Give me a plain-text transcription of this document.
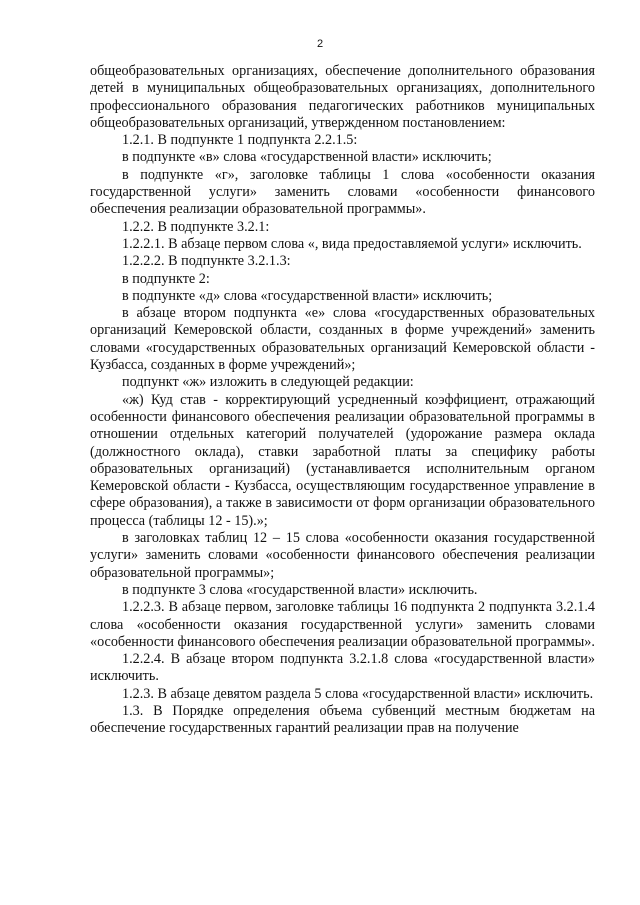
2

общеобразовательных организациях, обеспечение дополнительного образования детей в муниципальных общеобразовательных организациях, дополнительного профессионального образования педагогических работников муниципальных общеобразовательных организаций, утвержденном постановлением:

1.2.1. В подпункте 1 подпункта 2.2.1.5:

в подпункте «в» слова «государственной власти» исключить;

в подпункте «г», заголовке таблицы 1 слова «особенности оказания государственной услуги» заменить словами «особенности финансового обеспечения реализации образовательной программы».

1.2.2. В подпункте 3.2.1:

1.2.2.1. В абзаце первом слова «, вида предоставляемой услуги» исключить.

1.2.2.2. В подпункте 3.2.1.3:

в подпункте 2:

в подпункте «д» слова «государственной власти» исключить;

в абзаце втором подпункта «е» слова «государственных образовательных организаций Кемеровской области, созданных в форме учреждений» заменить словами «государственных образовательных организаций Кемеровской области - Кузбасса, созданных в форме учреждений»;

подпункт «ж» изложить в следующей редакции:

«ж) Куд став - корректирующий усредненный коэффициент, отражающий особенности финансового обеспечения реализации образовательной программы в отношении отдельных категорий получателей (удорожание размера оклада (должностного оклада), ставки заработной платы за специфику работы образовательных организаций) (устанавливается исполнительным органом Кемеровской области - Кузбасса, осуществляющим государственное управление в сфере образования), а также в зависимости от форм организации образовательного процесса (таблицы 12 - 15).»;

в заголовках таблиц 12 – 15 слова «особенности оказания государственной услуги» заменить словами «особенности финансового обеспечения реализации образовательной программы»;

в подпункте 3 слова «государственной власти» исключить.

1.2.2.3. В абзаце первом, заголовке таблицы 16 подпункта 2 подпункта 3.2.1.4 слова «особенности оказания государственной услуги» заменить словами «особенности финансового обеспечения реализации образовательной программы».

1.2.2.4. В абзаце втором подпункта 3.2.1.8 слова «государственной власти» исключить.

1.2.3. В абзаце девятом раздела 5 слова «государственной власти» исключить.

1.3. В Порядке определения объема субвенций местным бюджетам на обеспечение государственных гарантий реализации прав на получение
